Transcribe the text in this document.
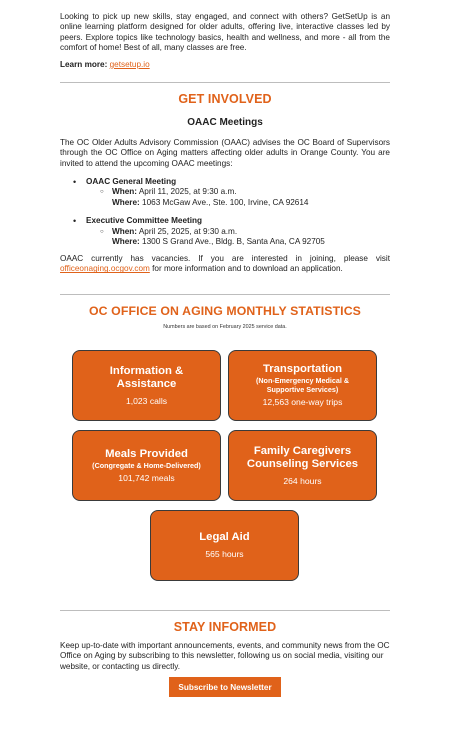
Looking to pick up new skills, stay engaged, and connect with others? GetSetUp is an online learning platform designed for older adults, offering live, interactive classes led by peers. Explore topics like technology basics, health and wellness, and more - all from the comfort of home! Best of all, many classes are free.

Learn more: getsetup.io
GET INVOLVED
OAAC Meetings

The OC Older Adults Advisory Commission (OAAC) advises the OC Board of Supervisors through the OC Office on Aging matters affecting older adults in Orange County. You are invited to attend the upcoming OAAC meetings:

• OAAC General Meeting
○ When: April 11, 2025, at 9:30 a.m.
Where: 1063 McGaw Ave., Ste. 100, Irvine, CA 92614
• Executive Committee Meeting
○ When: April 25, 2025, at 9:30 a.m.
Where: 1300 S Grand Ave., Bldg. B, Santa Ana, CA 92705

OAAC currently has vacancies. If you are interested in joining, please visit officeonaging.ocgov.com for more information and to download an application.

OC OFFICE ON AGING MONTHLY STATISTICS
Numbers are based on February 2025 service data.
Information & Assistance
1,023 calls
Transportation
(Non-Emergency Medical & Supportive Services)
12,563 one-way trips
Meals Provided
(Congregate & Home-Delivered)
101,742 meals
Family Caregivers Counseling Services
264 hours
Legal Aid
565 hours
STAY INFORMED

Keep up-to-date with important announcements, events, and community news from the OC Office on Aging by subscribing to this newsletter, following us on social media, visiting our website, or contacting us directly.

Subscribe to Newsletter
